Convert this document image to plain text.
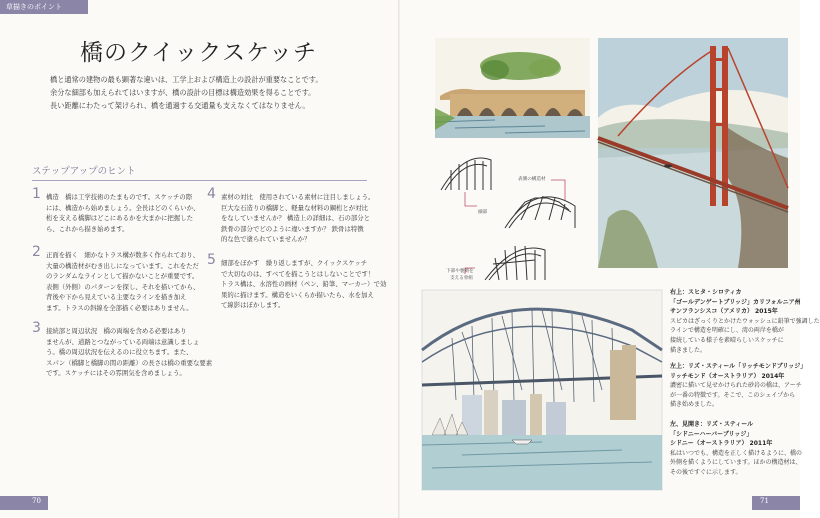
草描きのポイント
橋のクイックスケッチ
橋と通常の建物の最も顕著な違いは、工学上および構造上の設計が重要なことです。
余分な細部も加えられてはいますが、橋の設計の目標は構造効果を得ることです。
長い距離にわたって架けられ、橋を通過する交通量も支えなくてはなりません。
ステップアップのヒント
1 構造　橋は工学技術のたまものです。スケッチの際
には、構造から始めましょう。全長はどのくらいか、
桁を支える橋脚はどこにあるかを大まかに把握した
ら、これから描き始めます。
2 正面を描く　細かなトラス構が数多く作られており、
大量の構造材がむき出しになっています。これをただ
のランダムなラインとして描かないことが重要です。
表側（外側）のパターンを探し、それを描いてから、
背後や下から見えている主要なラインを描き加え
ます。トラスの斜線を全部描く必要はありません。
3 接続部と周辺状況　橋の両端を含める必要はあり
ませんが、道路とつながっている両端は意識しましょ
う。橋の周辺状況を伝えるのに役立ちます。また、
スパン（橋脚と橋脚の間の距離）の長さは橋の重要な要素
です。スケッチにはその雰囲気を含めましょう。
4 素材の対比　使用されている素材に注目しましょう。
巨大な石造りの橋脚と、軽量な材料の鋼桁とが対比
をなしていませんか？ 構造上の詳細は、石の部分と
鉄骨の部分でどのように違いますか？ 鉄骨は特徴
的な色で塗られていませんか？
5 細部をぼかす　繰り返しますが、クイックスケッチ
で大切なのは、すべてを描こうとはしないことです！
トラス構は、水溶性の画材（ペン、鉛筆、マーカー）で効
果的に描けます。構造をいくらか描いたら、水を加え
て線影はぼかします。
70
表側の構造材
細部
下部や裏側を
支える骨組
右上：スヒタ・シロティカ
「ゴールデンゲートブリッジ」カリフォルニア州
サンフランシスコ（アメリカ） 2015年
スピカはざっくりとかけたウォッシュに鉛筆で強調した
ラインで構造を明確にし、湾の両岸を橋が
接続している様子を素晴らしいスケッチに
描きました。
左上：リズ・スティール「リッチモンドブリッジ」
リッチモンド（オーストラリア） 2014年
濃密に描いて見せかけられた砂岩の橋は、アーチ
が一番の特徴です。そこで、このシェイプから
描き始めました。
左、見開き：リズ・スティール
「シドニーハーバーブリッジ」
シドニー（オーストラリア） 2011年
私はいつでも、構造を正しく描けるように、橋の
外側を描くようにしています。ほかの構造材は、
その後ですぐに示します。
71
